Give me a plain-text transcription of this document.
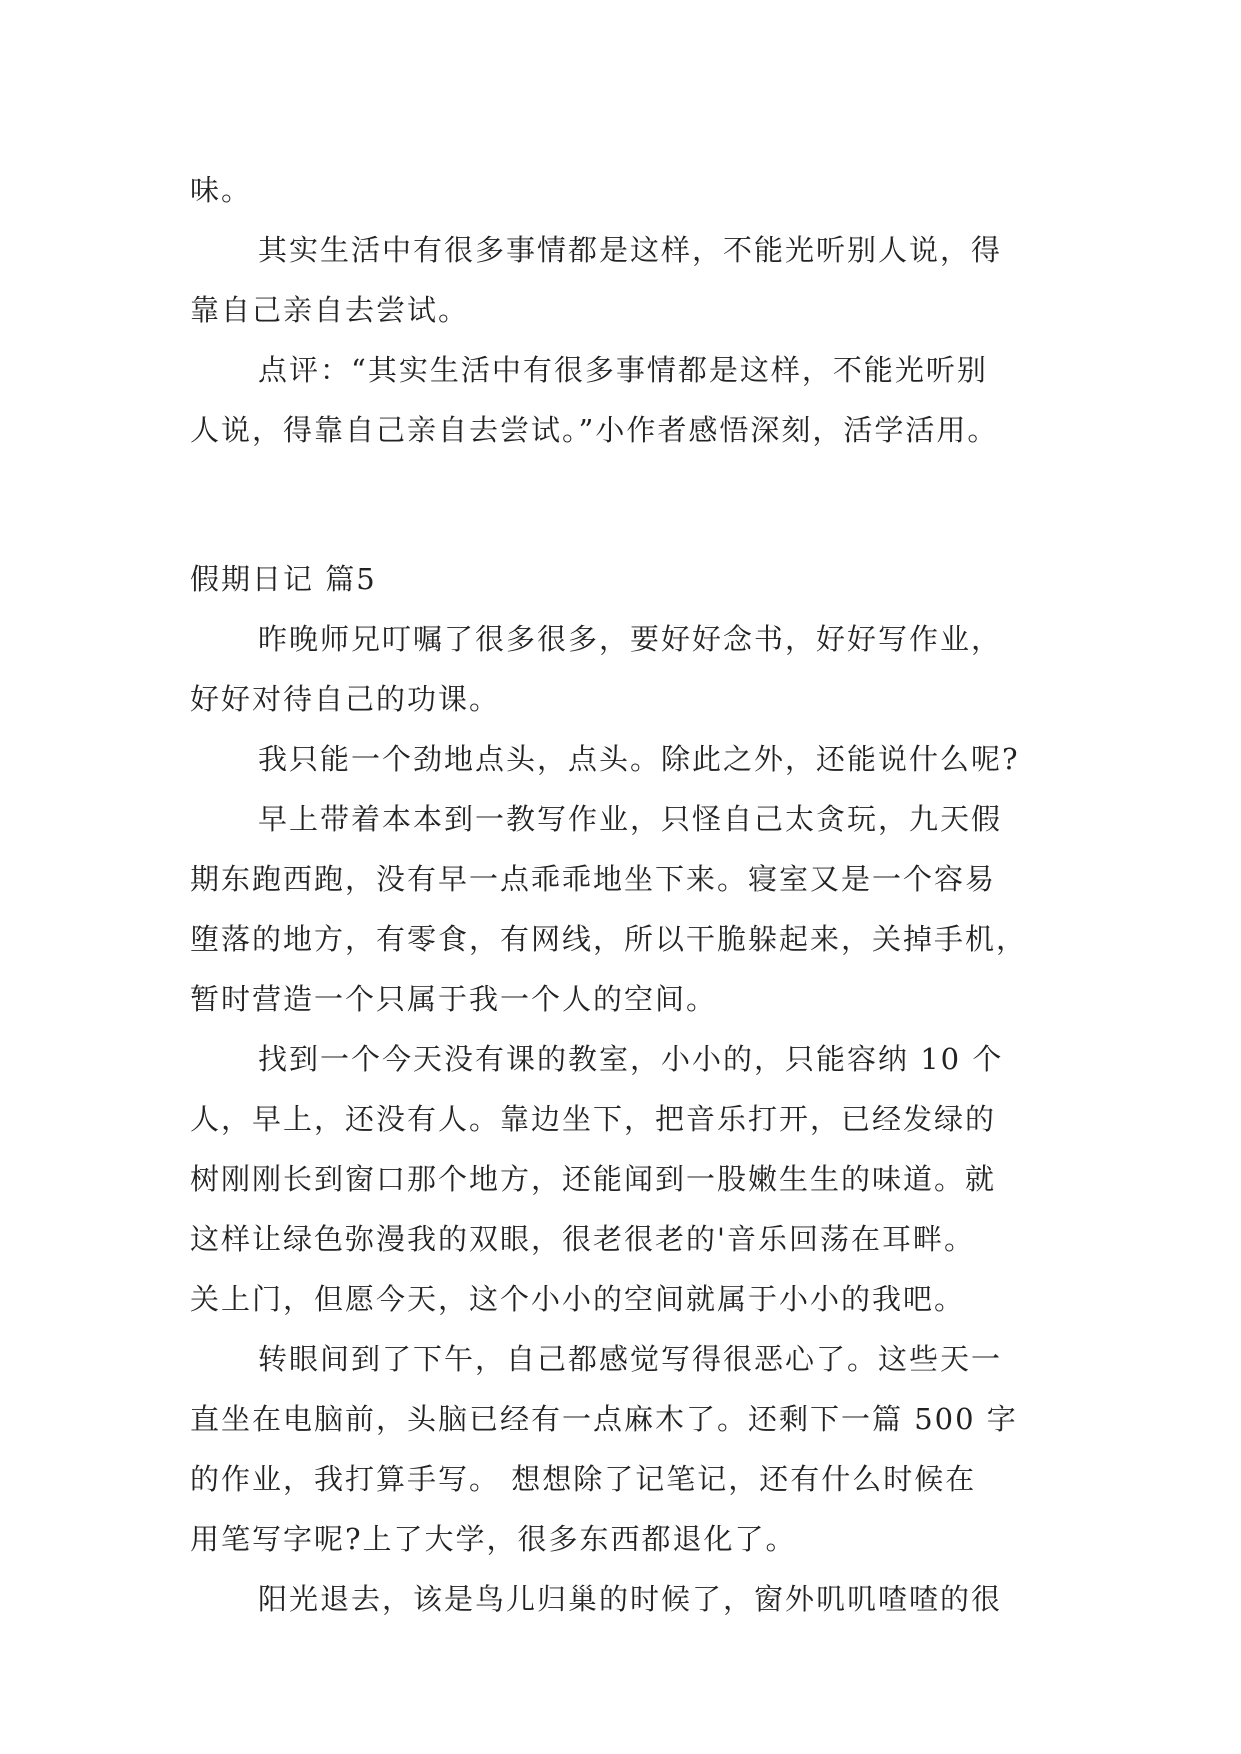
味。

其实生活中有很多事情都是这样，不能光听别人说，得

靠自己亲自去尝试。

点评：“其实生活中有很多事情都是这样，不能光听别

人说，得靠自己亲自去尝试。”小作者感悟深刻，活学活用。

假期日记 篇5

昨晚师兄叮嘱了很多很多，要好好念书，好好写作业，

好好对待自己的功课。

我只能一个劲地点头，点头。除此之外，还能说什么呢?

早上带着本本到一教写作业，只怪自己太贪玩，九天假

期东跑西跑，没有早一点乖乖地坐下来。寝室又是一个容易

堕落的地方，有零食，有网线，所以干脆躲起来，关掉手机，

暂时营造一个只属于我一个人的空间。

找到一个今天没有课的教室，小小的，只能容纳 10 个

人，早上，还没有人。靠边坐下，把音乐打开，已经发绿的

树刚刚长到窗口那个地方，还能闻到一股嫩生生的味道。就

这样让绿色弥漫我的双眼，很老很老的'音乐回荡在耳畔。

关上门，但愿今天，这个小小的空间就属于小小的我吧。

转眼间到了下午，自己都感觉写得很恶心了。这些天一

直坐在电脑前，头脑已经有一点麻木了。还剩下一篇 500 字

的作业，我打算手写。 想想除了记笔记，还有什么时候在

用笔写字呢?上了大学，很多东西都退化了。

阳光退去，该是鸟儿归巢的时候了，窗外叽叽喳喳的很
